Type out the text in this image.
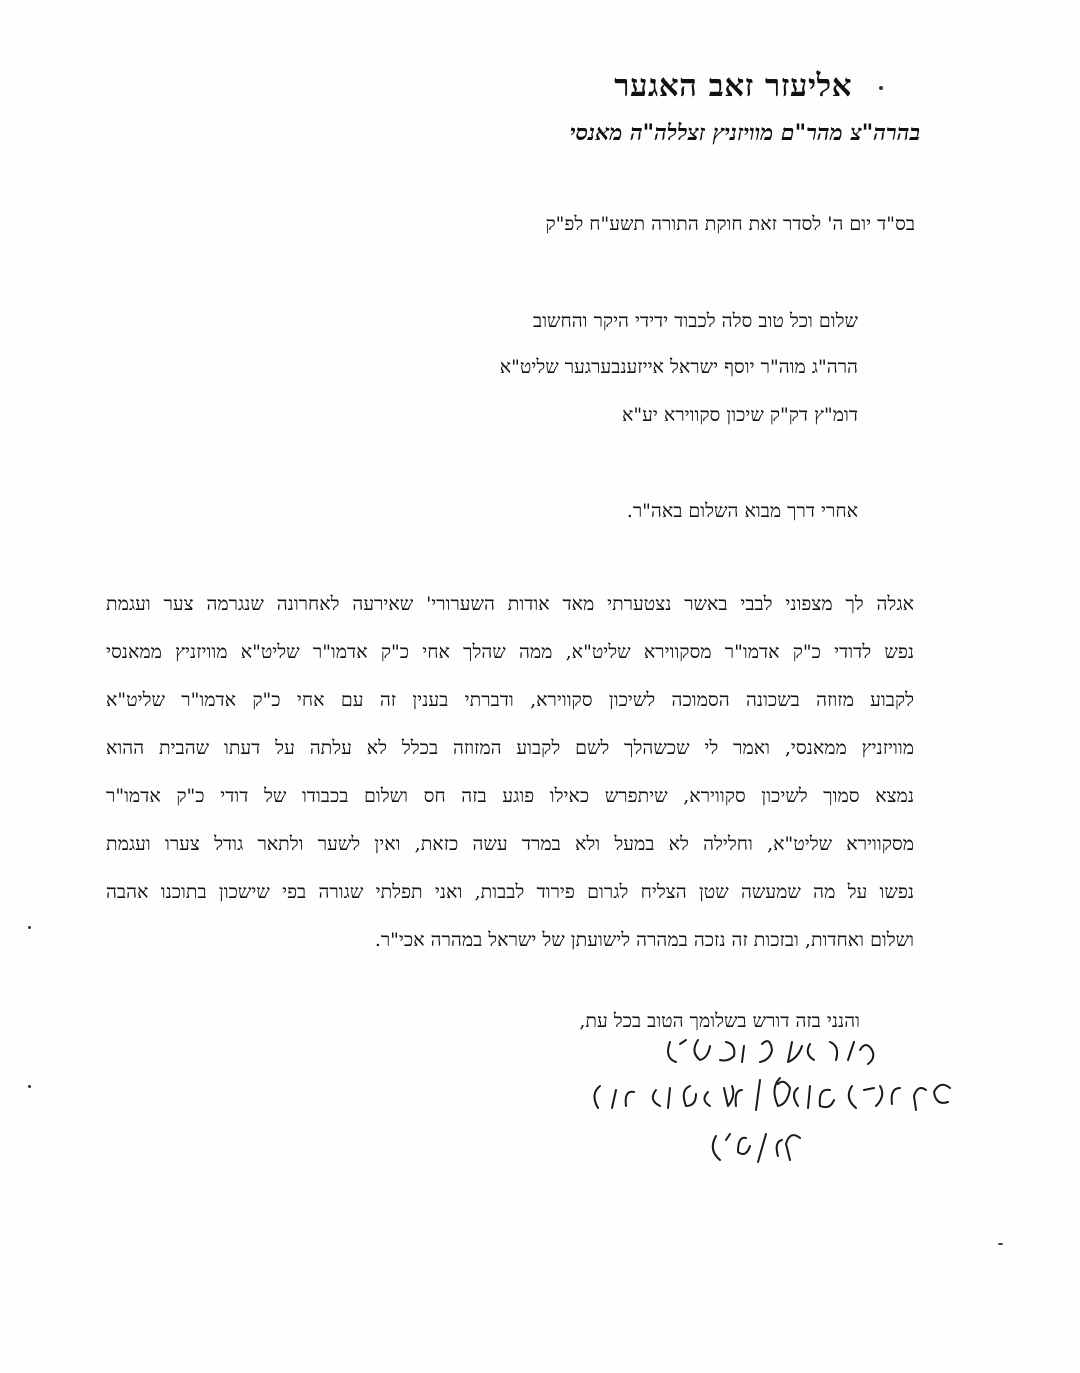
אליעזר זאב האגער
בהרה"צ מהר"ם מוויזניץ זצללה"ה מאנסי
בס"ד יום ה' לסדר זאת חוקת התורה תשע"ח לפ"ק
שלום וכל טוב סלה לכבוד ידידי היקר והחשוב
הרה"ג מוה"ר יוסף ישראל אייזענבערגער שליט"א
דומ"ץ דק"ק שיכון סקווירא יע"א
אחרי דרך מבוא השלום באה"ר.
אגלה לך מצפוני לבבי באשר נצטערתי מאד אודות השערורי' שאירעה לאחרונה שנגרמה צער ועגמת
נפש לדודי כ"ק אדמו"ר מסקווירא שליט"א, ממה שהלך אחי כ"ק אדמו"ר שליט"א מוויזניץ ממאנסי
לקבוע מזוזה בשכונה הסמוכה לשיכון סקווירא, ודברתי בענין זה עם אחי כ"ק אדמו"ר שליט"א
מוויזניץ ממאנסי, ואמר לי שכשהלך לשם לקבוע המזוזה בכלל לא עלתה על דעתו שהבית ההוא
נמצא סמוך לשיכון סקווירא, שיתפרש כאילו פוגע בזה חס ושלום בכבודו של דודי כ"ק אדמו"ר
מסקווירא שליט"א, וחלילה לא במעל ולא במרד עשה כזאת, ואין לשער ולתאר גודל צערו ועגמת
נפשו על מה שמעשה שטן הצליח לגרום פירוד לבבות, ואני תפלתי שגורה בפי שישכון בתוכנו אהבה
ושלום ואחדות, ובזכות זה נזכה במהרה לישועתן של ישראל במהרה אכי"ר.
והנני בזה דורש בשלומך הטוב בכל עת,
